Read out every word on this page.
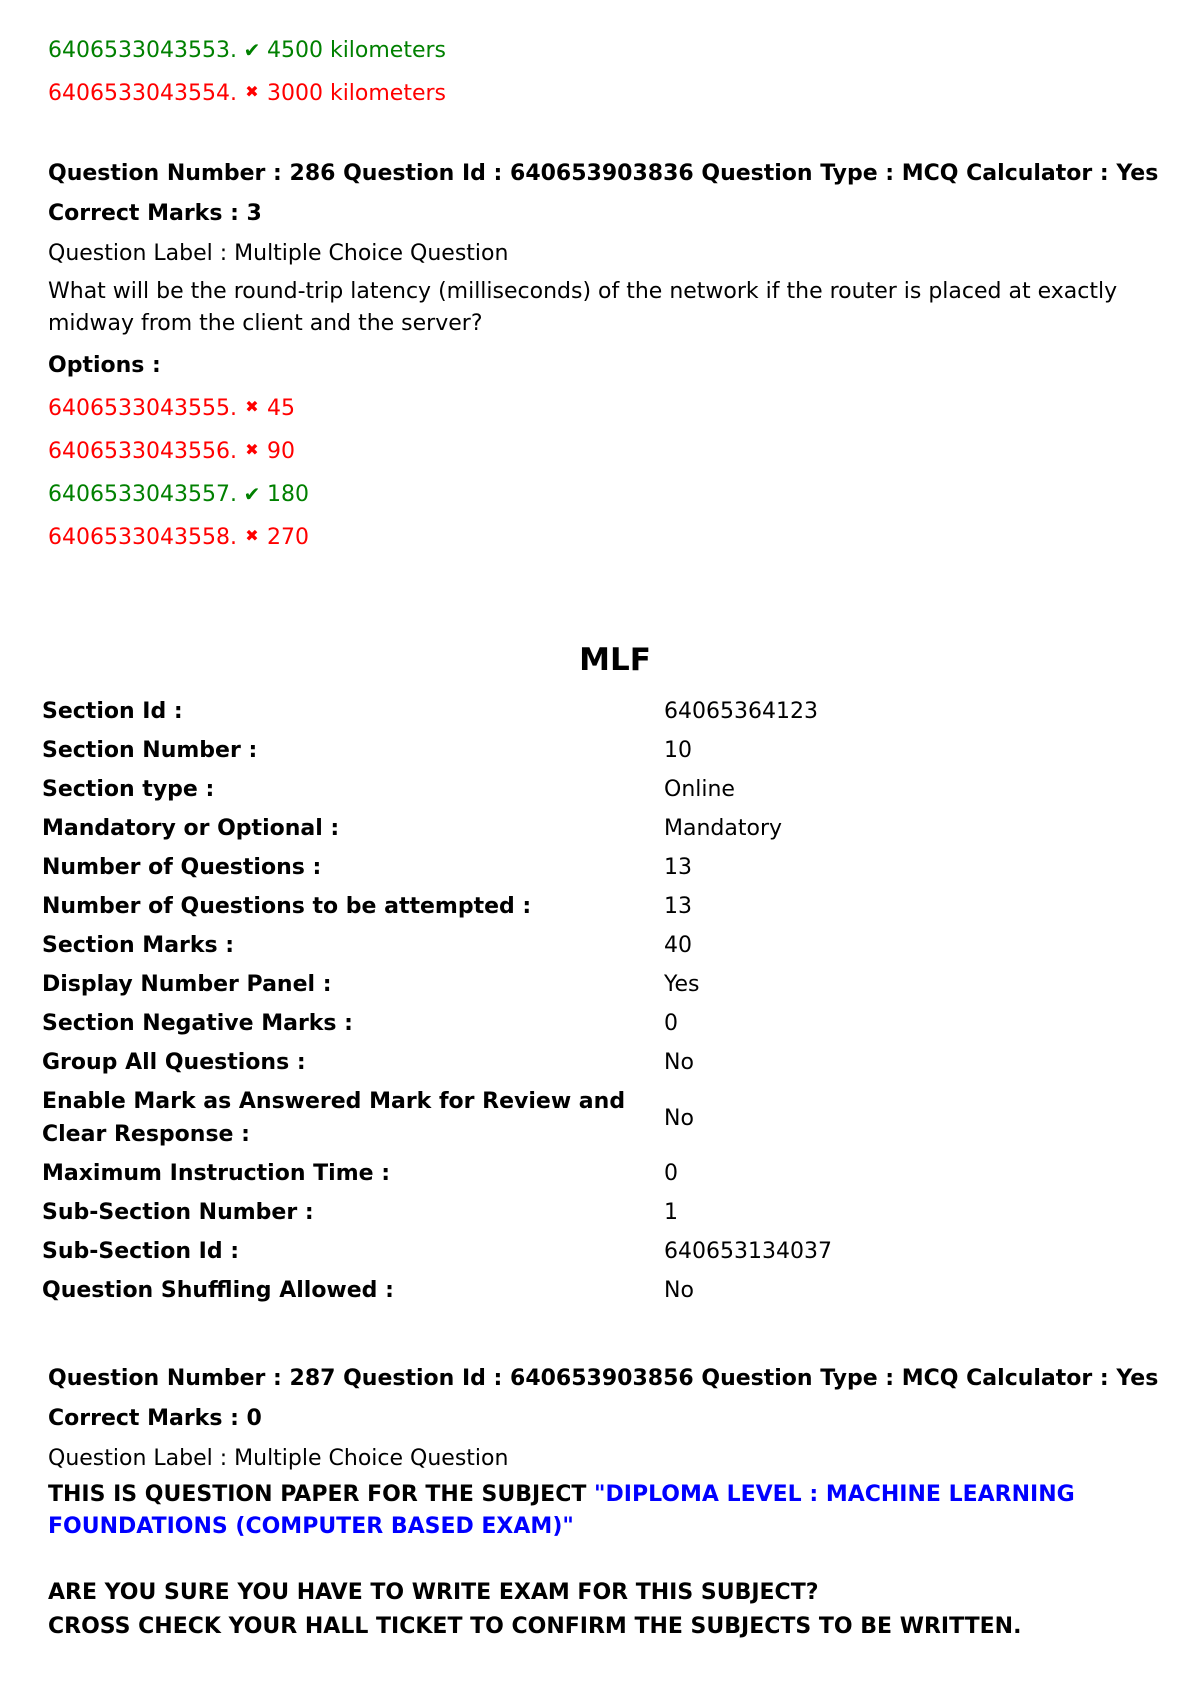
6406533043553. ✔ 4500 kilometers
6406533043554. ✖ 3000 kilometers
Question Number : 286 Question Id : 640653903836 Question Type : MCQ Calculator : Yes
Correct Marks : 3
Question Label : Multiple Choice Question
What will be the round-trip latency (milliseconds) of the network if the router is placed at exactly midway from the client and the server?
Options :
6406533043555. ✖ 45
6406533043556. ✖ 90
6406533043557. ✔ 180
6406533043558. ✖ 270
MLF
Section Id :	64065364123
Section Number :	10
Section type :	Online
Mandatory or Optional :	Mandatory
Number of Questions :	13
Number of Questions to be attempted :	13
Section Marks :	40
Display Number Panel :	Yes
Section Negative Marks :	0
Group All Questions :	No
Enable Mark as Answered Mark for Review and Clear Response :	No
Maximum Instruction Time :	0
Sub-Section Number :	1
Sub-Section Id :	640653134037
Question Shuffling Allowed :	No
Question Number : 287 Question Id : 640653903856 Question Type : MCQ Calculator : Yes
Correct Marks : 0
Question Label : Multiple Choice Question
THIS IS QUESTION PAPER FOR THE SUBJECT "DIPLOMA LEVEL : MACHINE LEARNING FOUNDATIONS (COMPUTER BASED EXAM)"
ARE YOU SURE YOU HAVE TO WRITE EXAM FOR THIS SUBJECT?
CROSS CHECK YOUR HALL TICKET TO CONFIRM THE SUBJECTS TO BE WRITTEN.
